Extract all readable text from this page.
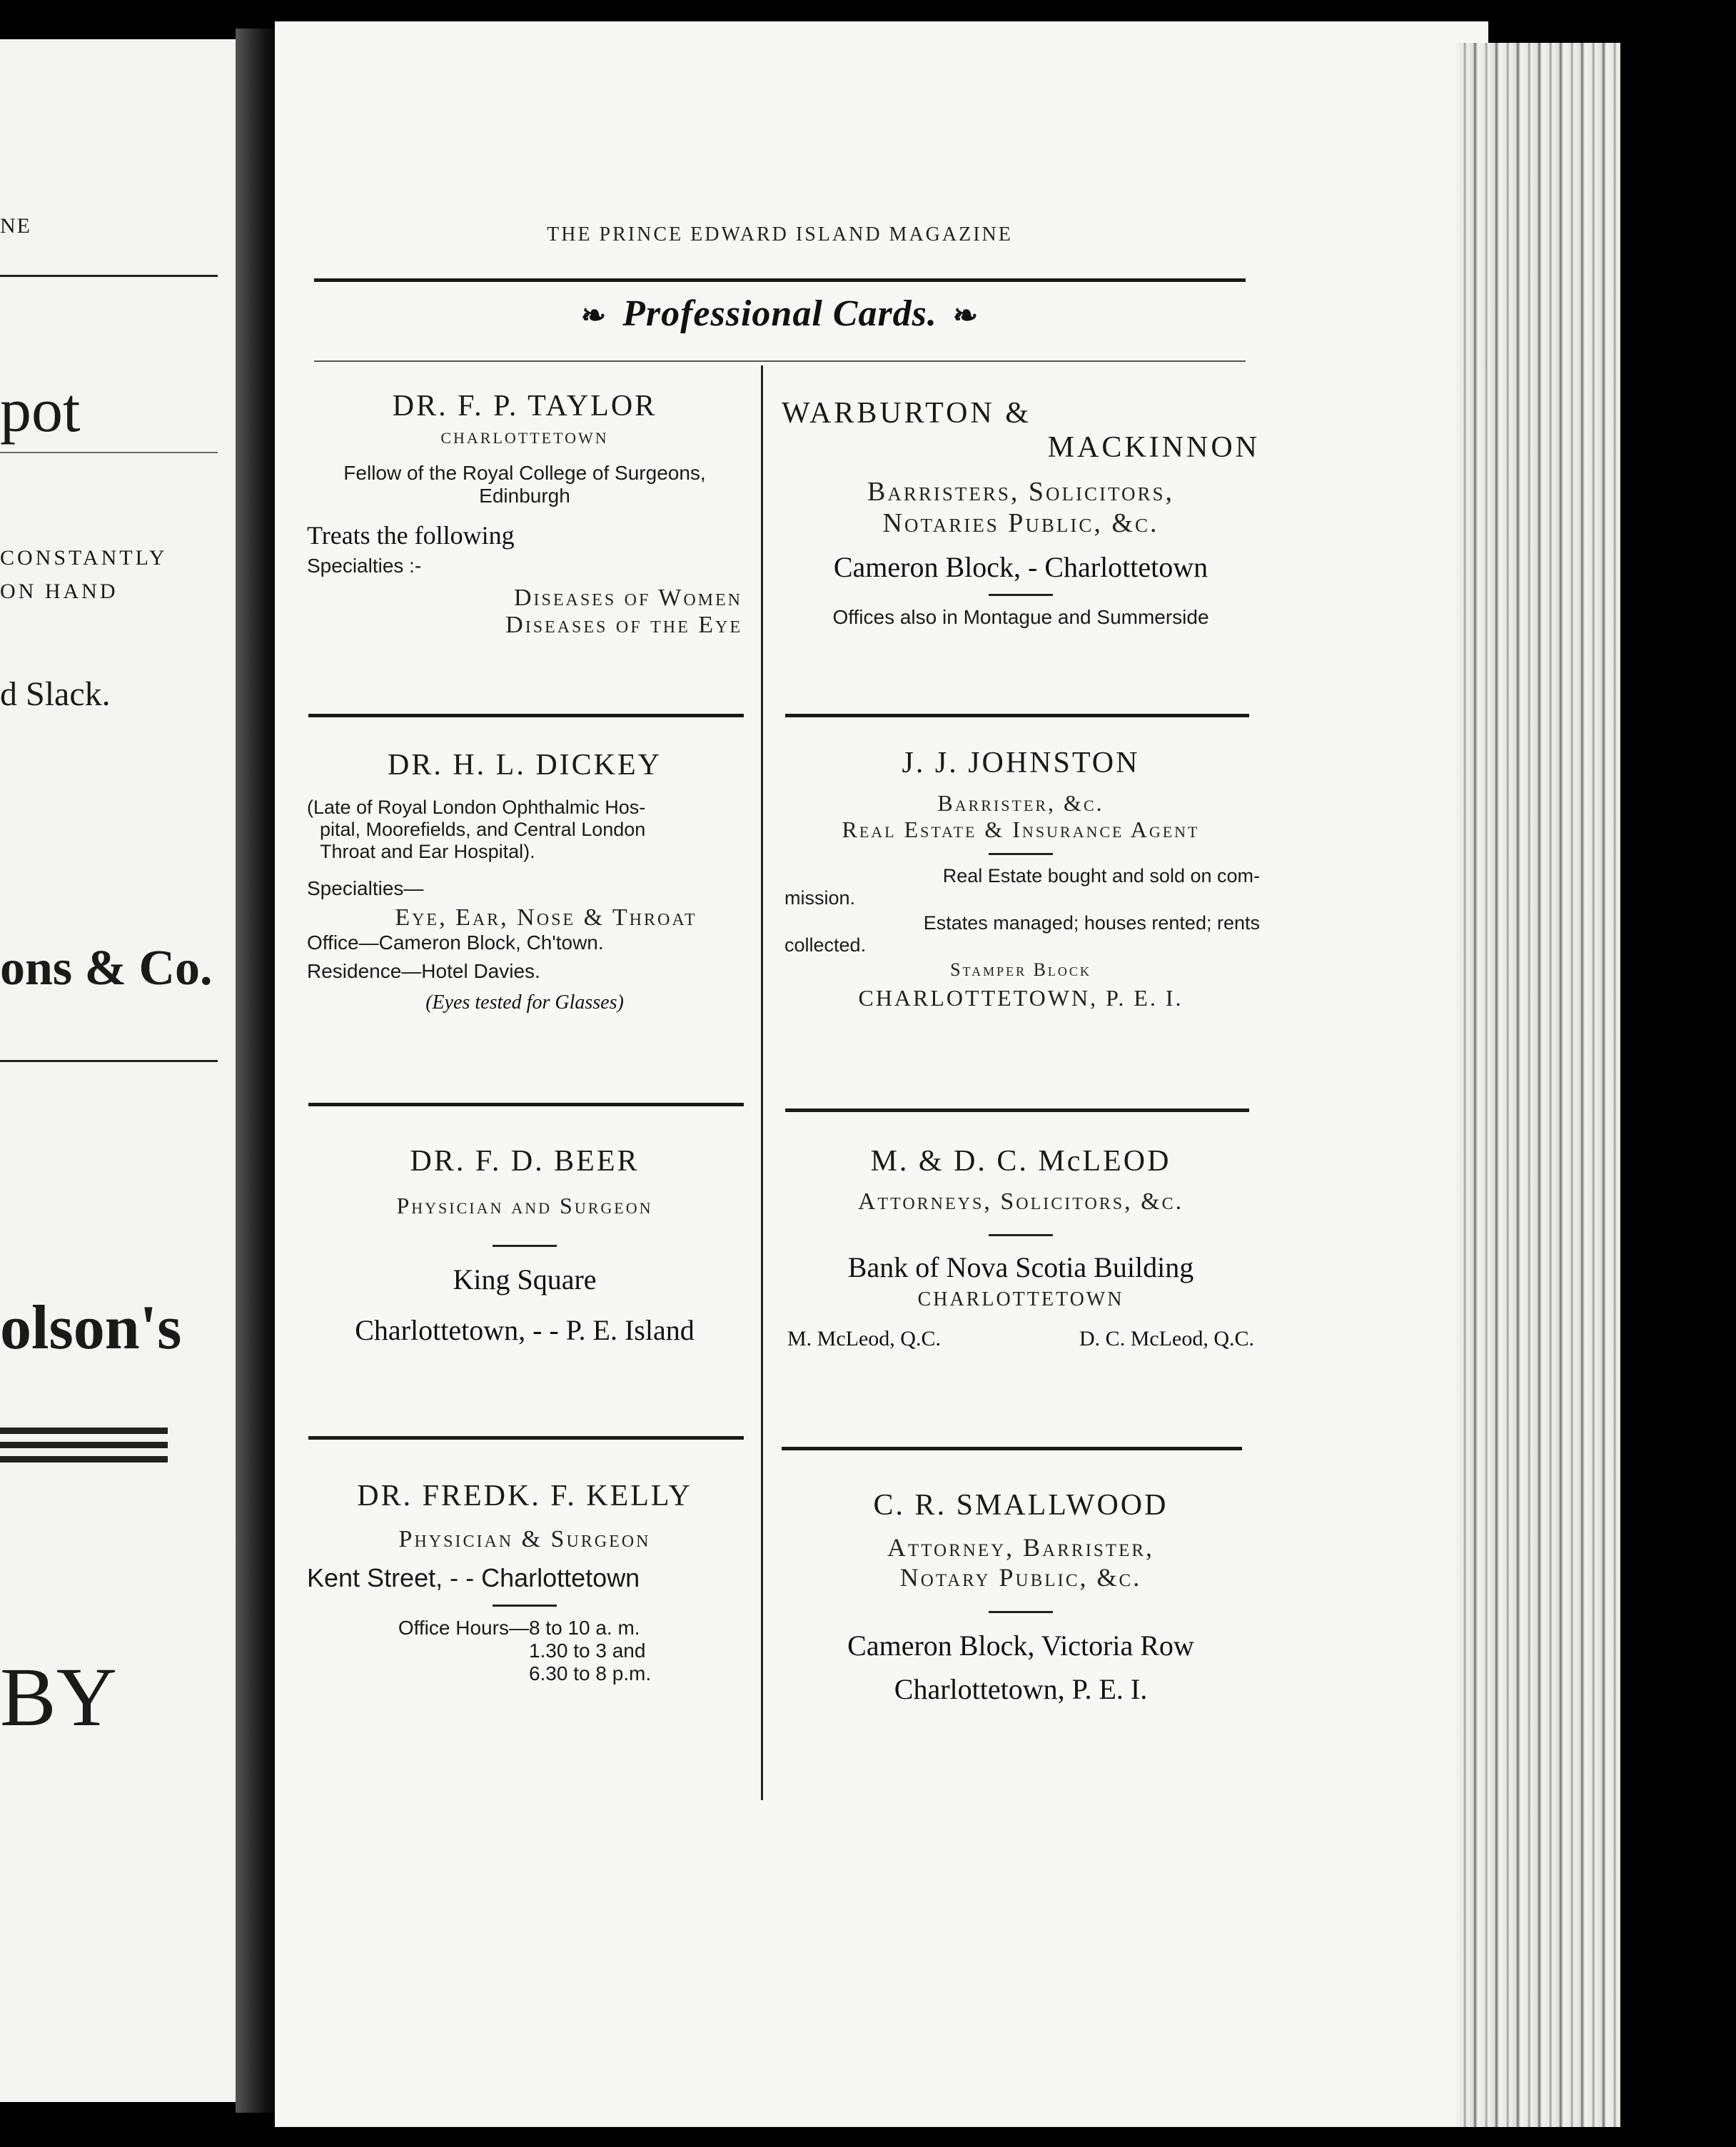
NE
pot
CONSTANTLY
ON HAND
d Slack.
ons & Co.
olson's
BY
THE PRINCE EDWARD ISLAND MAGAZINE
❧ Professional Cards. ❧
DR. F. P. TAYLOR
CHARLOTTETOWN
Fellow of the Royal College of Surgeons,
Edinburgh
Treats the following
Specialties :-
Diseases of Women
Diseases of the Eye
WARBURTON &
MACKINNON
Barristers, Solicitors,
Notaries Public, &c.
Cameron Block, - Charlottetown
Offices also in Montague and Summerside
DR. H. L. DICKEY
(Late of Royal London Ophthalmic Hos-
pital, Moorefields, and Central London
Throat and Ear Hospital).
Specialties—
Eye, Ear, Nose & Throat
Office—Cameron Block, Ch'town.
Residence—Hotel Davies.
(Eyes tested for Glasses)
J. J. JOHNSTON
Barrister, &c.
Real Estate & Insurance Agent
Real Estate bought and sold on com-
mission.
Estates managed; houses rented; rents
collected.
Stamper Block
CHARLOTTETOWN, P. E. I.
DR. F. D. BEER
Physician and Surgeon
King Square
Charlottetown, - - P. E. Island
M. & D. C. McLEOD
Attorneys, Solicitors, &c.
Bank of Nova Scotia Building
CHARLOTTETOWN
M. McLeod, Q.C.	D. C. McLeod, Q.C.
DR. FREDK. F. KELLY
Physician & Surgeon
Kent Street, - - Charlottetown
Office Hours— 8 to 10 a. m.
1.30 to 3 and
6.30 to 8 p.m.
C. R. SMALLWOOD
Attorney, Barrister,
Notary Public, &c.
Cameron Block, Victoria Row
Charlottetown, P. E. I.
